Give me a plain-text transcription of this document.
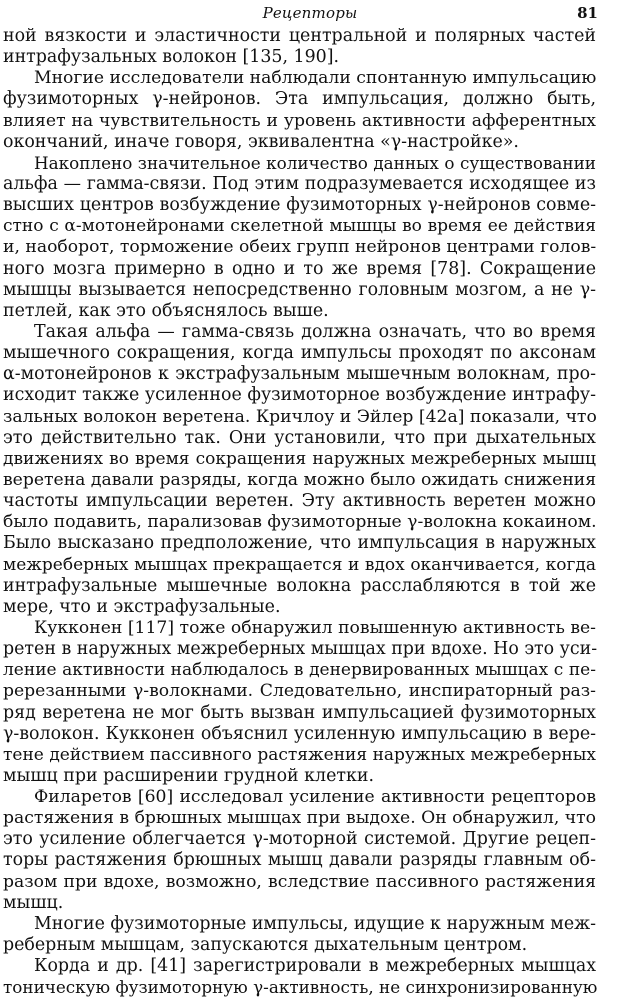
Рецепторы	81
ной вязкости и эластичности центральной и полярных частей
интрафузальных волокон [135, 190].
Многие исследователи наблюдали спонтанную импульсацию
фузимоторных γ-нейронов. Эта импульсация, должно быть,
влияет на чувствительность и уровень активности афферентных
окончаний, иначе говоря, эквивалентна «γ-настройке».
Накоплено значительное количество данных о существовании
альфа — гамма-связи. Под этим подразумевается исходящее из
высших центров возбуждение фузимоторных γ-нейронов совме-
стно с α-мотонейронами скелетной мышцы во время ее действия
и, наоборот, торможение обеих групп нейронов центрами голов-
ного мозга примерно в одно и то же время [78]. Сокращение
мышцы вызывается непосредственно головным мозгом, а не γ-
петлей, как это объяснялось выше.
Такая альфа — гамма-связь должна означать, что во время
мышечного сокращения, когда импульсы проходят по аксонам
α-мотонейронов к экстрафузальным мышечным волокнам, про-
исходит также усиленное фузимоторное возбуждение интрафу-
зальных волокон веретена. Кричлоу и Эйлер [42а] показали, что
это действительно так. Они установили, что при дыхательных
движениях во время сокращения наружных межреберных мышц
веретена давали разряды, когда можно было ожидать снижения
частоты импульсации веретен. Эту активность веретен можно
было подавить, парализовав фузимоторные γ-волокна кокаином.
Было высказано предположение, что импульсация в наружных
межреберных мышцах прекращается и вдох оканчивается, когда
интрафузальные мышечные волокна расслабляются в той же
мере, что и экстрафузальные.
Кукконен [117] тоже обнаружил повышенную активность ве-
ретен в наружных межреберных мышцах при вдохе. Но это уси-
ление активности наблюдалось в денервированных мышцах с пе-
ререзанными γ-волокнами. Следовательно, инспираторный раз-
ряд веретена не мог быть вызван импульсацией фузимоторных
γ-волокон. Кукконен объяснил усиленную импульсацию в вере-
тене действием пассивного растяжения наружных межреберных
мышц при расширении грудной клетки.
Филаретов [60] исследовал усиление активности рецепторов
растяжения в брюшных мышцах при выдохе. Он обнаружил, что
это усиление облегчается γ-моторной системой. Другие рецеп-
торы растяжения брюшных мышц давали разряды главным об-
разом при вдохе, возможно, вследствие пассивного растяжения
мышц.
Многие фузимоторные импульсы, идущие к наружным меж-
реберным мышцам, запускаются дыхательным центром.
Корда и др. [41] зарегистрировали в межреберных мышцах
тоническую фузимоторную γ-активность, не синхронизированную
